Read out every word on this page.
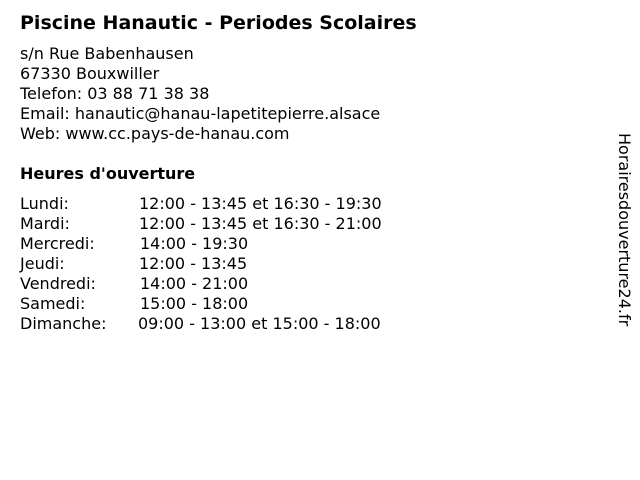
Piscine Hanautic - Periodes Scolaires
s/n Rue Babenhausen
67330 Bouxwiller
Telefon: 03 88 71 38 38
Email: hanautic@hanau-lapetitepierre.alsace
Web: www.cc.pays-de-hanau.com
Heures d'ouverture
Lundi:	12:00 - 13:45 et 16:30 - 19:30
Mardi:	12:00 - 13:45 et 16:30 - 21:00
Mercredi:	14:00 - 19:30
Jeudi:	12:00 - 13:45
Vendredi:	14:00 - 21:00
Samedi:	15:00 - 18:00
Dimanche: 09:00 - 13:00 et 15:00 - 18:00	Horairesdouverture24.fr
